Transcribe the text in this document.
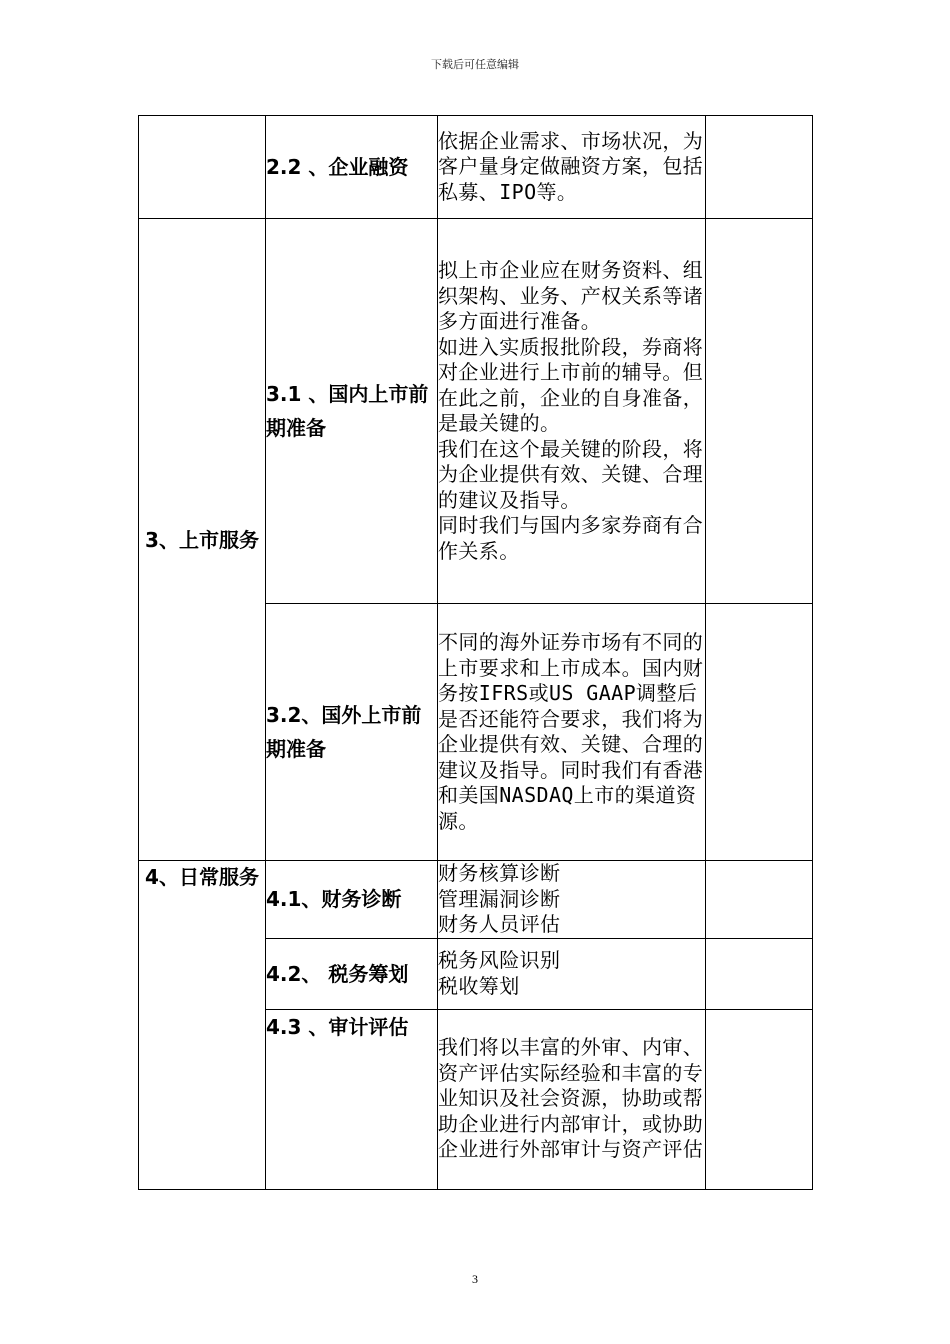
下载后可任意编辑
	2.2 、企业融资	依据企业需求、市场状况，为客户量身定做融资方案，包括私募、IPO等。	

3、上市服务	3.1 、国内上市前期准备	拟上市企业应在财务资料、组织架构、业务、产权关系等诸多方面进行准备。

如进入实质报批阶段，券商将对企业进行上市前的辅导。但在此之前，企业的自身准备，是最关键的。

我们在这个最关键的阶段，将为企业提供有效、关键、合理的建议及指导。

同时我们与国内多家券商有合作关系。	

	3.2、国外上市前期准备	不同的海外证券市场有不同的上市要求和上市成本。国内财务按IFRS或US GAAP调整后是否还能符合要求，我们将为企业提供有效、关键、合理的建议及指导。同时我们有香港和美国NASDAQ上市的渠道资源。	

4、日常服务	4.1、财务诊断	财务核算诊断

管理漏洞诊断

财务人员评估	

	4.2、 税务筹划	税务风险识别

税收筹划	

	4.3 、审计评估	我们将以丰富的外审、内审、资产评估实际经验和丰富的专业知识及社会资源，协助或帮助企业进行内部审计，或协助企业进行外部审计与资产评估	

3
